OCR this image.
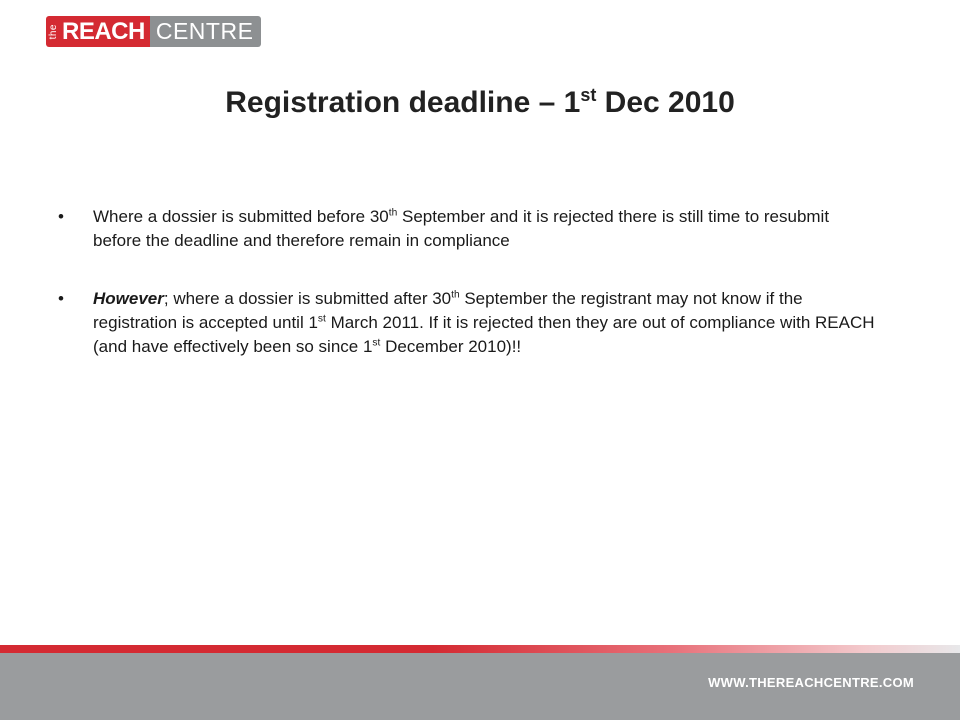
the REACH CENTRE
Registration deadline – 1st Dec 2010
•	Where a dossier is submitted before 30th September and it is rejected there is still time to resubmit before the deadline and therefore remain in compliance
•	However; where a dossier is submitted after 30th September the registrant may not know if the registration is accepted until 1st March 2011. If it is rejected then they are out of compliance with REACH (and have effectively been so since 1st December 2010)!!
WWW.THEREACHCENTRE.COM
